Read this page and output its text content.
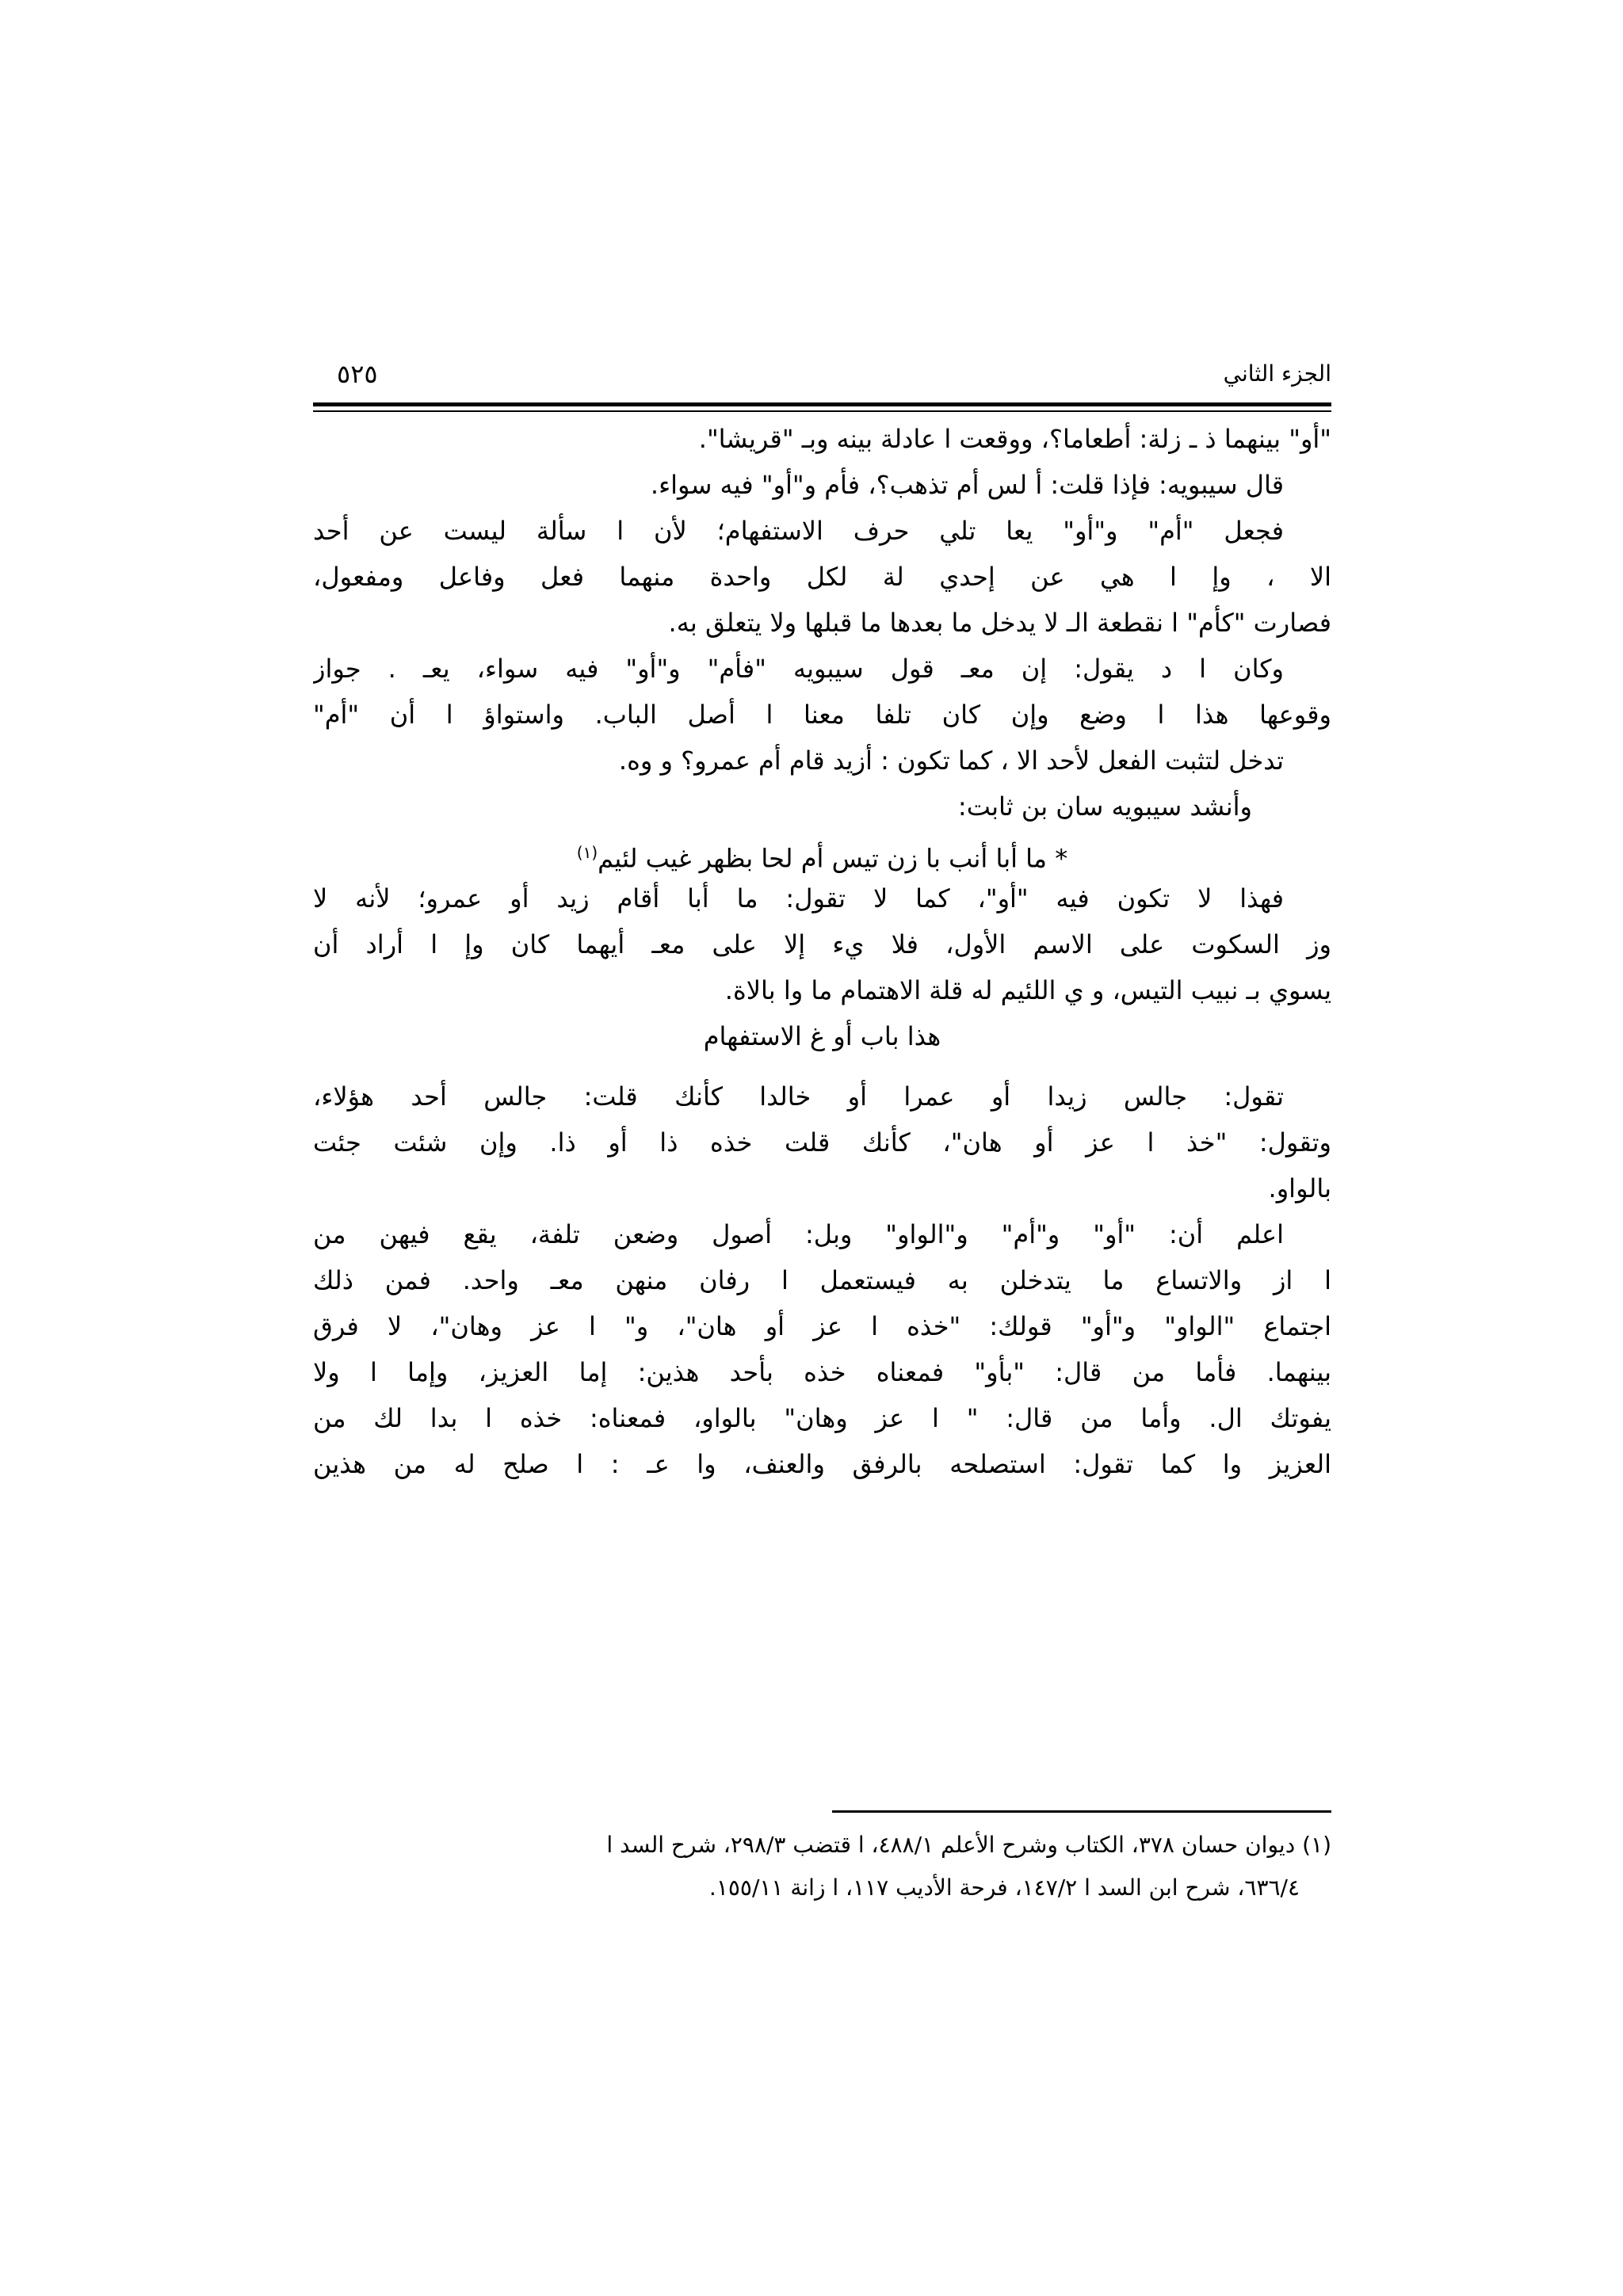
الجزء الثاني
٥٢٥
"أو" بينهما ذ ـ زلة: أطعاما؟، ووقعت ا عادلة بينه وبـ "قريشا".
قال سيبويه: فإذا قلت: أ لس أم تذهب؟، فأم و"أو" فيه سواء.
فجعل "أم" و"أو" يعا تلي حرف الاستفهام؛ لأن ا سألة ليست عن أحد
الا ، وإ ا هي عن إحدي لة لكل واحدة منهما فعل وفاعل ومفعول،
فصارت "كأم" ا نقطعة الـ لا يدخل ما بعدها ما قبلها ولا يتعلق به.
وكان ا د يقول: إن معـ قول سيبويه "فأم" و"أو" فيه سواء، يعـ . جواز
وقوعها هذا ا وضع وإن كان تلفا معنا ا أصل الباب. واستواؤ ا أن "أم"
تدخل لتثبت الفعل لأحد الا ، كما تكون : أزيد قام أم عمرو؟ و وه.
وأنشد سيبويه سان بن ثابت:
* ما أبا أنب با زن تيس أم لحا بظهر غيب لئيم$^{(١)}$
فهذا لا تكون فيه "أو"، كما لا تقول: ما أبا أقام زيد أو عمرو؛ لأنه لا
وز السكوت على الاسم الأول، فلا يء إلا على معـ أيهما كان وإ ا أراد أن
يسوي بـ نبيب التيس، و ي اللئيم له قلة الاهتمام ما وا بالاة.
هذا باب أو غ الاستفهام
تقول: جالس زيدا أو عمرا أو خالدا كأنك قلت: جالس أحد هؤلاء،
وتقول: "خذ ا عز أو هان"، كأنك قلت خذه ذا أو ذا. وإن شئت جئت
بالواو.
اعلم أن: "أو" و"أم" و"الواو" وبل: أصول وضعن تلفة، يقع فيهن من
ا از والاتساع ما يتدخلن به فيستعمل ا رفان منهن معـ واحد. فمن ذلك
اجتماع "الواو" و"أو" قولك: "خذه ا عز أو هان"، و" ا عز وهان"، لا فرق
بينهما. فأما من قال: "بأو" فمعناه خذه بأحد هذين: إما العزيز، وإما ا ولا
يفوتك ال. وأما من قال: " ا عز وهان" بالواو، فمعناه: خذه ا بدا لك من
العزيز وا كما تقول: استصلحه بالرفق والعنف، وا عـ : ا صلح له من هذين
(١) ديوان حسان ٣٧٨، الكتاب وشرح الأعلم ٤٨٨/١، ا قتضب ٢٩٨/٣، شرح السد ا
٦٣٦/٤، شرح ابن السد ا ١٤٧/٢، فرحة الأديب ١١٧، ا زانة ١٥٥/١١.
